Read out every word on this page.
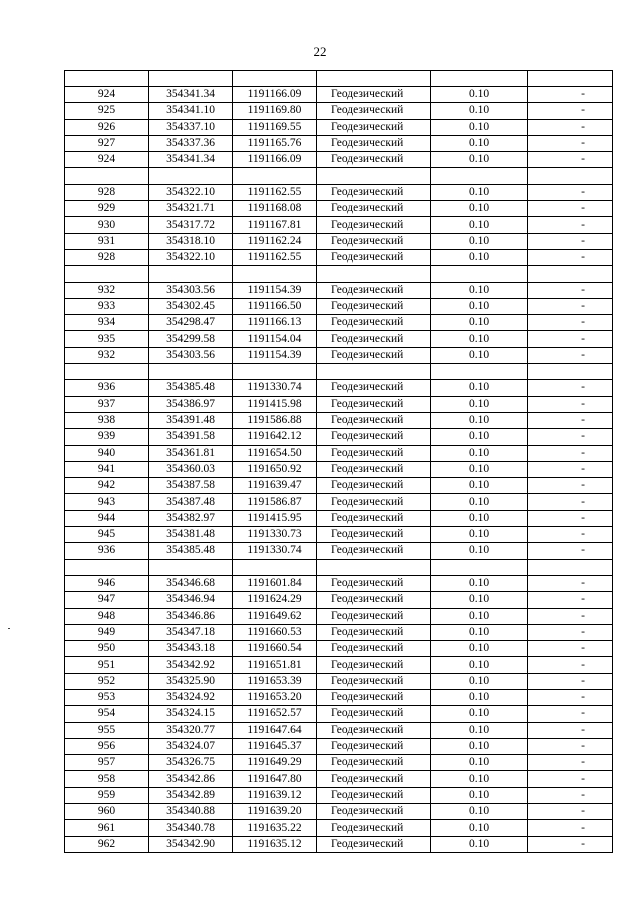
22

924	354341.34	1191166.09	Геодезический	0.10	-
925	354341.10	1191169.80	Геодезический	0.10	-
926	354337.10	1191169.55	Геодезический	0.10	-
927	354337.36	1191165.76	Геодезический	0.10	-
924	354341.34	1191166.09	Геодезический	0.10	-

928	354322.10	1191162.55	Геодезический	0.10	-
929	354321.71	1191168.08	Геодезический	0.10	-
930	354317.72	1191167.81	Геодезический	0.10	-
931	354318.10	1191162.24	Геодезический	0.10	-
928	354322.10	1191162.55	Геодезический	0.10	-

932	354303.56	1191154.39	Геодезический	0.10	-
933	354302.45	1191166.50	Геодезический	0.10	-
934	354298.47	1191166.13	Геодезический	0.10	-
935	354299.58	1191154.04	Геодезический	0.10	-
932	354303.56	1191154.39	Геодезический	0.10	-

936	354385.48	1191330.74	Геодезический	0.10	-
937	354386.97	1191415.98	Геодезический	0.10	-
938	354391.48	1191586.88	Геодезический	0.10	-
939	354391.58	1191642.12	Геодезический	0.10	-
940	354361.81	1191654.50	Геодезический	0.10	-
941	354360.03	1191650.92	Геодезический	0.10	-
942	354387.58	1191639.47	Геодезический	0.10	-
943	354387.48	1191586.87	Геодезический	0.10	-
944	354382.97	1191415.95	Геодезический	0.10	-
945	354381.48	1191330.73	Геодезический	0.10	-
936	354385.48	1191330.74	Геодезический	0.10	-

946	354346.68	1191601.84	Геодезический	0.10	-
947	354346.94	1191624.29	Геодезический	0.10	-
948	354346.86	1191649.62	Геодезический	0.10	-
949	354347.18	1191660.53	Геодезический	0.10	-
950	354343.18	1191660.54	Геодезический	0.10	-
951	354342.92	1191651.81	Геодезический	0.10	-
952	354325.90	1191653.39	Геодезический	0.10	-
953	354324.92	1191653.20	Геодезический	0.10	-
954	354324.15	1191652.57	Геодезический	0.10	-
955	354320.77	1191647.64	Геодезический	0.10	-
956	354324.07	1191645.37	Геодезический	0.10	-
957	354326.75	1191649.29	Геодезический	0.10	-
958	354342.86	1191647.80	Геодезический	0.10	-
959	354342.89	1191639.12	Геодезический	0.10	-
960	354340.88	1191639.20	Геодезический	0.10	-
961	354340.78	1191635.22	Геодезический	0.10	-
962	354342.90	1191635.12	Геодезический	0.10	-
